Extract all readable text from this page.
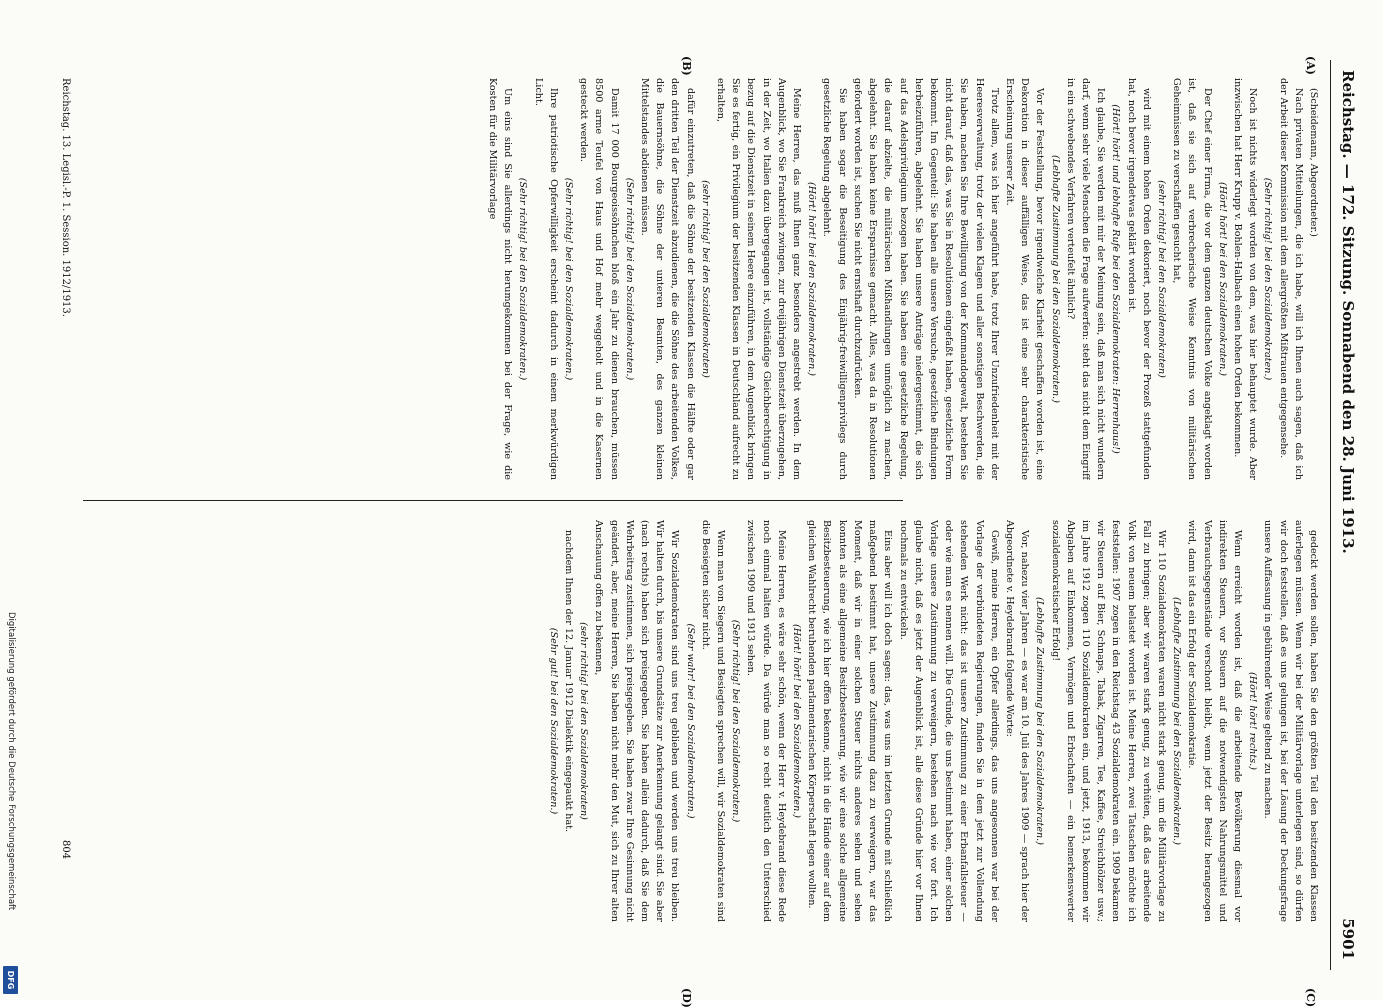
(A)
(B)
(C)
(D)
Reichstag. — 172. Sitzung. Sonnabend den 28. Juni 1913.
5901

(Scheidemann, Abgeordneter.)

Nach privaten Mitteilungen, die ich habe, will ich Ihnen auch sagen, daß ich der Arbeit dieser Kommission mit dem allergrößten Mißtrauen entgegensehe.

(Sehr richtig! bei den Sozialdemokraten.)

Noch ist nichts widerlegt worden von dem, was hier behauptet wurde. Aber inzwischen hat Herr Krupp v. Bohlen-Halbach einen hohen Orden bekommen.

(Hört! hört! bei den Sozialdemokraten.)

Der Chef einer Firma, die vor dem ganzen deutschen Volke angeklagt worden ist, daß sie sich auf verbrecherische Weise Kenntnis von militärischen Geheimnissen zu verschaffen gesucht hat,

(sehr richtig! bei den Sozialdemokraten)

wird mit einem hohen Orden dekoriert, noch bevor der Prozeß stattgefunden hat, noch bevor irgendetwas geklärt worden ist.

(Hört! hört! und lebhafte Rufe bei den Sozialdemokraten: Herrenhaus!)

Ich glaube, Sie werden mit mir der Meinung sein, daß man sich nicht wundern darf, wenn sehr viele Menschen die Frage aufwerfen: steht das nicht dem Eingriff in ein schwebendes Verfahren verteufelt ähnlich?

(Lebhafte Zustimmung bei den Sozialdemokraten.)

Vor der Feststellung, bevor irgendwelche Klarheit geschaffen worden ist, eine Dekoration in dieser auffälligen Weise, das ist eine sehr charakteristische Erscheinung unserer Zeit.

Trotz allem, was ich hier angeführt habe, trotz Ihrer Unzufriedenheit mit der Heeresverwaltung, trotz der vielen Klagen und aller sonstigen Beschwerden, die Sie haben, machen Sie Ihre Bewilligung von der Kommandogewalt, bestehen Sie nicht darauf, daß das, was Sie in Resolutionen eingefaßt haben, gesetzliche Form bekommt. Im Gegenteil: Sie haben alle unsere Versuche, gesetzliche Bindungen herbeizuführen, abgelehnt. Sie haben unsere Anträge niedergestimmt, die sich auf das Adelsprivilegium bezogen haben. Sie haben eine gesetzliche Regelung, die darauf abzielte, die militärischen Mißhandlungen unmöglich zu machen, abgelehnt. Sie haben keine Ersparnisse gemacht. Alles, was da in Resolutionen gefordert worden ist, suchen Sie nicht ernsthaft durchzudrücken.

Sie haben sogar die Beseitigung des Einjährig-freiwilligenprivilegs durch gesetzliche Regelung abgelehnt.

(Hört! hört! bei den Sozialdemokraten.)

Meine Herren, das muß Ihnen ganz besonders angestrebt werden. In dem Augenblick, wo Sie Frankreich zwingen, zur dreijährigen Dienstzeit überzugehen, in der Zeit, wo Italien dazu übergegangen ist, vollständige Gleichberechtigung in bezug auf die Dienstzeit in seinem Heere einzuführen, in dem Augenblick bringen Sie es fertig, ein Privilegium der besitzenden Klassen in Deutschland aufrecht zu erhalten,

(sehr richtig! bei den Sozialdemokraten)

dafür einzutreten, daß die Söhne der besitzenden Klassen die Hälfte oder gar den dritten Teil der Dienstzeit abzudienen, die die Söhne des arbeitenden Volkes, die Bauernsöhne, die Söhne der unteren Beamten, des ganzen kleinen Mittelstandes abdienen müssen.

(Sehr richtig! bei den Sozialdemokraten.)

Damit 17 000 Bourgeoissöhnchen bloß ein Jahr zu dienen brauchen, müssen 8500 arme Teufel von Haus und Hof mehr weggeholt und in die Kasernen gesteckt werden.

(Sehr richtig! bei den Sozialdemokraten.)

Ihre patriotische Opferwilligkeit erscheint dadurch in einem merkwürdigen Licht.

(Sehr richtig! bei den Sozialdemokraten.)

Um eins sind Sie allerdings nicht herumgekommen bei der Frage, wie die Kosten für die Militärvorlage

gedeckt werden sollen, haben Sie den größten Teil den besitzenden Klassen auferlegen müssen. Wenn wir bei der Militärvorlage unterlegen sind, so dürfen wir doch feststellen, daß es uns gelungen ist, bei der Lösung der Deckungsfrage unsere Auffassung in gebührender Weise geltend zu machen.

(Hört! hört! rechts.)

Wenn erreicht worden ist, daß die arbeitende Bevölkerung diesmal vor indirekten Steuern, vor Steuern auf die notwendigsten Nahrungsmittel und Verbrauchsgegenstände verschont bleibt, wenn jetzt der Besitz herangezogen wird, dann ist das ein Erfolg der Sozialdemokratie.

(Lebhafte Zustimmung bei den Sozialdemokraten.)

Wir 110 Sozialdemokraten waren nicht stark genug, um die Militärvorlage zu Fall zu bringen; aber wir waren stark genug, zu verhüten, daß das arbeitende Volk von neuem belastet worden ist. Meine Herren, zwei Tatsachen möchte ich feststellen: 1907 zogen in den Reichstag 43 Sozialdemokraten ein. 1909 bekamen wir Steuern auf Bier, Schnaps, Tabak, Zigarren, Tee, Kaffee, Streichhölzer usw.; im Jahre 1912 zogen 110 Sozialdemokraten ein, und jetzt, 1913, bekommen wir Abgaben auf Einkommen, Vermögen und Erbschaften — ein bemerkenswerter sozialdemokratischer Erfolg!

(Lebhafte Zustimmung bei den Sozialdemokraten.)

Vor, nahezu vier Jahren — es war am 10. Juli des Jahres 1909 — sprach hier der Abgeordnete v. Heydebrand folgende Worte:

Gewiß, meine Herren, ein Opfer allerdings, das uns angesonnen war bei der Vorlage der verbündeten Regierungen, finden Sie in dem jetzt zur Vollendung stehenden Werk nicht: das ist unsere Zustimmung zu einer Erbanfallsteuer — oder wie man es nennen will. Die Gründe, die uns bestimmt haben, einer solchen Vorlage unsere Zustimmung zu verweigern, bestehen nach wie vor fort. Ich glaube nicht, daß es jetzt der Augenblick ist, alle diese Gründe hier vor Ihnen nochmals zu entwickeln.

Eins aber will ich doch sagen: das, was uns im letzten Grunde mit schließlich maßgebend bestimmt hat, unsere Zustimmung dazu zu verweigern, war das Moment, daß wir in einer solchen Steuer nichts anderes sehen und sehen konnten als eine allgemeine Besitzbesteuerung, wie wir eine solche allgemeine Besitzbesteuerung, wie ich hier offen bekenne, nicht in die Hände einer auf dem gleichen Wahlrecht beruhenden parlamentarischen Körperschaft legen wollten.

(Hört! hört! bei den Sozialdemokraten.)

Meine Herren, es wäre sehr schön, wenn der Herr v. Heydebrand diese Rede noch einmal halten würde. Da würde man so recht deutlich den Unterschied zwischen 1909 und 1913 sehen.

(Sehr richtig! bei den Sozialdemokraten.)

Wenn man von Siegern und Besiegten sprechen will, wir Sozialdemokraten sind die Besiegten sicher nicht.

(Sehr wahr! bei den Sozialdemokraten.)

Wir Sozialdemokraten sind uns treu geblieben und werden uns treu bleiben. Wir halten durch, bis unsere Grundsätze zur Anerkennung gelangt sind. Sie aber (nach rechts) haben sich preisgegeben. Sie haben allein dadurch, daß Sie dem Wehrbeitrag zustimmen, sich preisgegeben. Sie haben zwar Ihre Gesinnung nicht geändert, aber, meine Herren, Sie haben nicht mehr den Mut, sich zu Ihrer alten Anschauung offen zu bekennen,

(sehr richtig! bei den Sozialdemokraten)

nachdem Ihnen der 12. Januar 1912 Dialektik eingepaukt hat.

(Sehr gut! bei den Sozialdemokraten.)

Reichstag. 13. Legisl.-P. 1. Session. 1912/1913.
804
Digitalisierung gefördert durch die Deutsche Forschungsgemeinschaft
DFG
